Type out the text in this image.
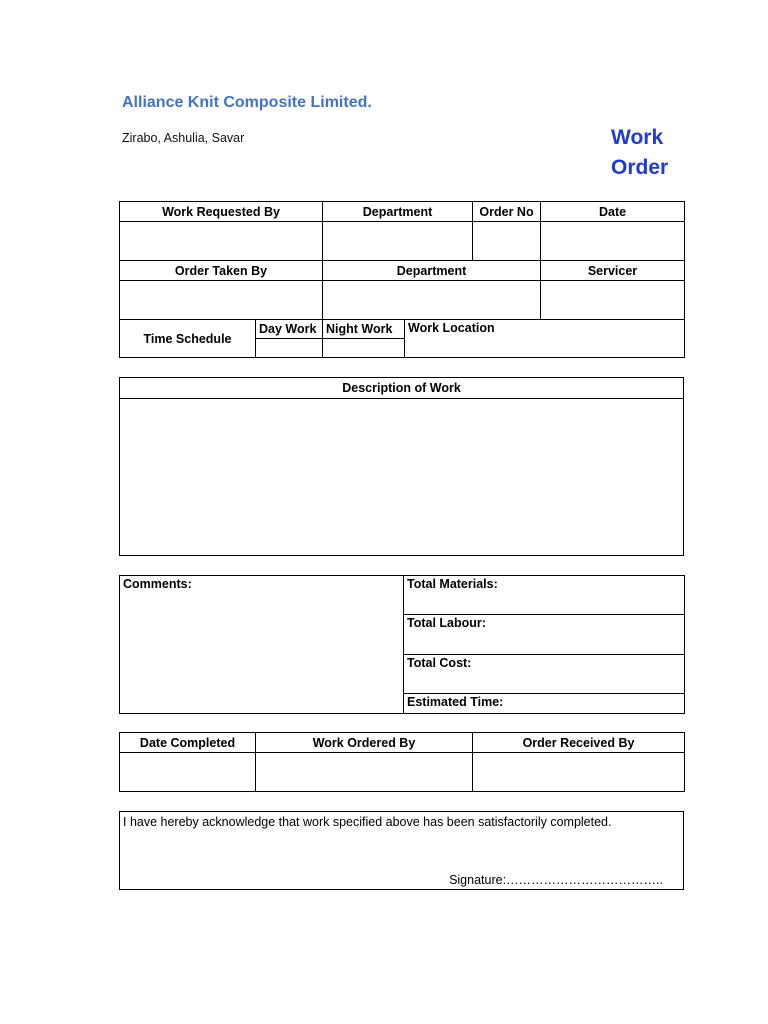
Alliance Knit Composite Limited.
Zirabo, Ashulia, Savar	Work
Order
Work Requested By		Department		Order No	Date

Order Taken By		Department			Servicer

Time Schedule	Day Work	Night Work	Work Location		

Description of Work

Comments:	Total Materials:
Total Labour:
Total Cost:
Estimated Time:
Date Completed	Work Ordered By	Order Received By

I have hereby acknowledge that work specified above has been satisfactorily completed.
Signature:………………………………..
